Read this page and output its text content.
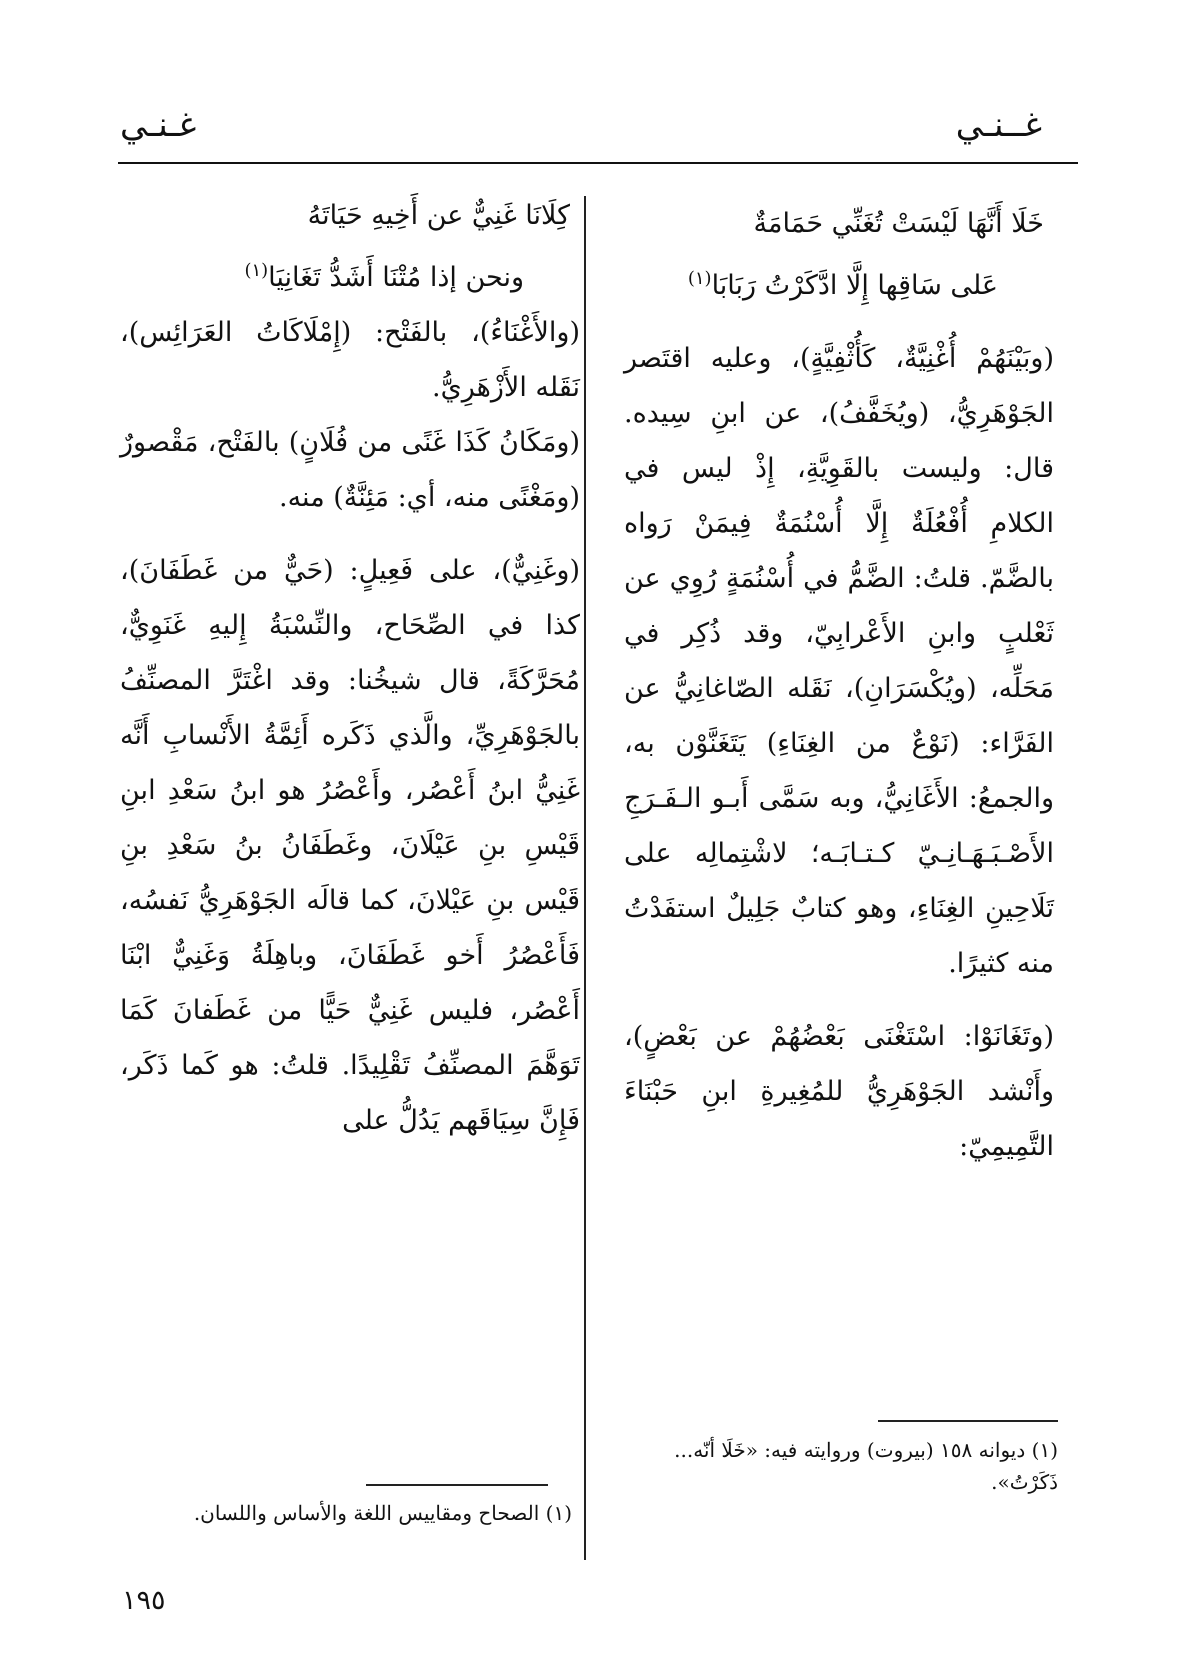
غــنـي
غـنـي

خَلَا أَنَّهَا لَيْسَتْ تُغَنِّي حَمَامَةٌ

عَلى سَاقِها إِلَّا ادَّكَرْتُ رَبَابَا$^{(١)}$

(وبَيْنَهُمْ أُغْنِيَّةٌ، كَأُثْفِيَّةٍ)، وعليه اقتَصر الجَوْهَرِيُّ، (ويُخَفَّفُ)، عن ابنِ سِيده. قال: وليست بالقَوِيَّةِ، إِذْ ليس في الكلامِ أُفْعُلَةٌ إِلَّا أُسْنُمَةٌ فِيمَنْ رَواه بالضَّمّ. قلتُ: الضَّمُّ في أُسْنُمَةٍ رُوِي عن ثَعْلبٍ وابنِ الأَعْرابِيّ، وقد ذُكِر في مَحَلِّه، (ويُكْسَرَانِ)، نَقَله الصّاغانِيُّ عن الفَرَّاء: (نَوْعٌ من الغِنَاءِ) يَتَغَنَّوْن به، والجمعُ: الأَغَانِيُّ، وبه سَمَّى أَبـو الـفَـرَجِ الأَصْـبَـهَـانِـيّ كـتـابَـه؛ لاشْتِمالِه على تَلَاحِينِ الغِنَاءِ، وهو كتابٌ جَلِيلٌ استفَدْتُ منه كثيرًا.

(وتَغَانَوْا: اسْتَغْنَى بَعْضُهُمْ عن بَعْضٍ)، وأَنْشد الجَوْهَرِيُّ للمُغِيرةِ ابنِ حَبْنَاءَ التَّمِيمِيّ:

(١) ديوانه ١٥٨ (بيروت) وروايته فيه: «خَلَا أنّه... ذَكَرْتُ».

كِلَانَا غَنِيٌّ عن أَخِيهِ حَيَاتَهُ

ونحن إذا مُتْنَا أَشَدُّ تَغَانِيَا$^{(١)}$

(والأَغْنَاءُ)، بالفَتْح: (إِمْلَاكَاتُ العَرَائِس)، نَقَله الأَزْهَرِيُّ.

(ومَكَانُ كَذَا غَنًى من فُلَانٍ) بالفَتْح، مَقْصورٌ (ومَغْنًى منه، أي: مَئِنَّةٌ) منه.

(وغَنِيٌّ)، على فَعِيلٍ: (حَيٌّ من غَطَفَانَ)، كذا في الصِّحَاح، والنِّسْبَةُ إِليهِ غَنَوِيٌّ، مُحَرَّكَةً، قال شيخُنا: وقد اغْتَرَّ المصنِّفُ بالجَوْهَرِيِّ، والَّذي ذَكَره أَئِمَّةُ الأَنْسابِ أَنَّه غَنِيُّ ابنُ أَعْصُر، وأَعْصُرُ هو ابنُ سَعْدِ ابنِ قَيْسِ بنِ عَيْلَانَ، وغَطَفَانُ بنُ سَعْدِ بنِ قَيْس بنِ عَيْلانَ، كما قالَه الجَوْهَرِيُّ نَفسُه، فَأَعْصُرُ أَخو غَطَفَانَ، وباهِلَةُ وَغَنِيٌّ ابْنَا أَعْصُر، فليس غَنِيٌّ حَيًّا من غَطَفانَ كَمَا تَوَهَّمَ المصنِّفُ تَقْلِيدًا. قلتُ: هو كَما ذَكَر، فَإِنَّ سِيَاقَهم يَدُلُّ على

(١) الصحاح ومقاييس اللغة والأساس واللسان.
١٩٥
